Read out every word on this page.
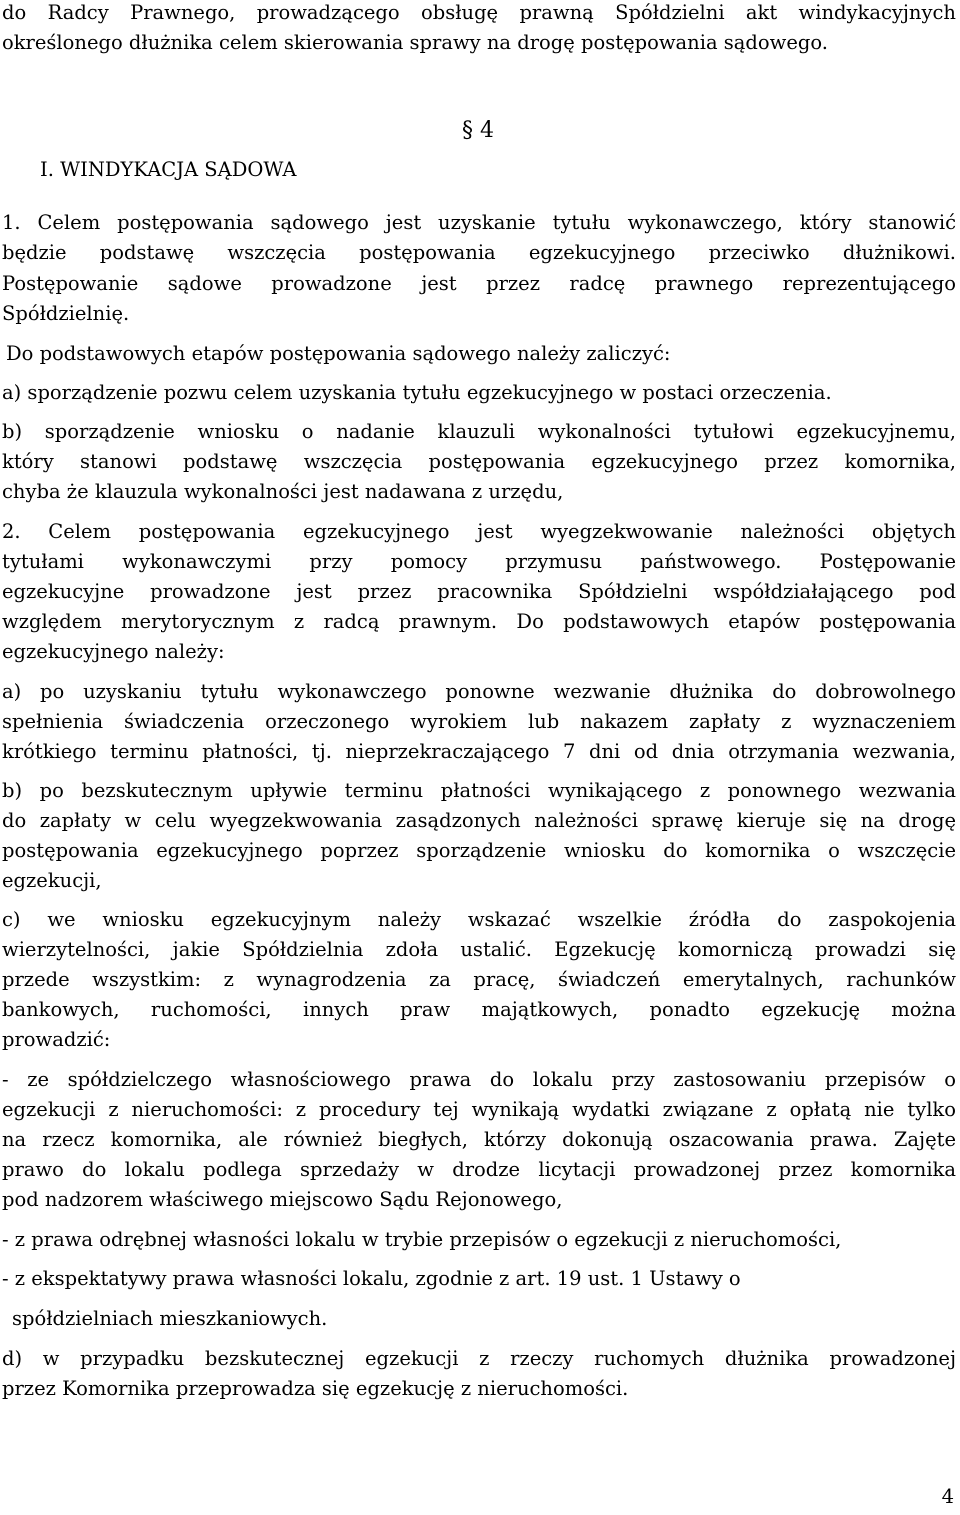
do Radcy Prawnego, prowadzącego obsługę prawną Spółdzielni akt windykacyjnych
określonego dłużnika celem skierowania sprawy na drogę postępowania sądowego.
§ 4
I. WINDYKACJA SĄDOWA
1. Celem postępowania sądowego jest uzyskanie tytułu wykonawczego, który stanowić
będzie podstawę wszczęcia postępowania egzekucyjnego przeciwko dłużnikowi.
Postępowanie sądowe prowadzone jest przez radcę prawnego reprezentującego
Spółdzielnię.
Do podstawowych etapów postępowania sądowego należy zaliczyć:
a) sporządzenie pozwu celem uzyskania tytułu egzekucyjnego w postaci orzeczenia.
b) sporządzenie wniosku o nadanie klauzuli wykonalności tytułowi egzekucyjnemu,
który stanowi podstawę wszczęcia postępowania egzekucyjnego przez komornika,
chyba że klauzula wykonalności jest nadawana z urzędu,
2. Celem postępowania egzekucyjnego jest wyegzekwowanie należności objętych
tytułami wykonawczymi przy pomocy przymusu państwowego. Postępowanie
egzekucyjne prowadzone jest przez pracownika Spółdzielni współdziałającego pod
względem merytorycznym z radcą prawnym. Do podstawowych etapów postępowania
egzekucyjnego należy:
a) po uzyskaniu tytułu wykonawczego ponowne wezwanie dłużnika do dobrowolnego
spełnienia świadczenia orzeczonego wyrokiem lub nakazem zapłaty z wyznaczeniem
krótkiego terminu płatności, tj. nieprzekraczającego 7 dni od dnia otrzymania wezwania,
b) po bezskutecznym upływie terminu płatności wynikającego z ponownego wezwania
do zapłaty w celu wyegzekwowania zasądzonych należności sprawę kieruje się na drogę
postępowania egzekucyjnego poprzez sporządzenie wniosku do komornika o wszczęcie
egzekucji,
c) we wniosku egzekucyjnym należy wskazać wszelkie źródła do zaspokojenia
wierzytelności, jakie Spółdzielnia zdoła ustalić. Egzekucję komorniczą prowadzi się
przede wszystkim: z wynagrodzenia za pracę, świadczeń emerytalnych, rachunków
bankowych, ruchomości, innych praw majątkowych, ponadto egzekucję można
prowadzić:
- ze spółdzielczego własnościowego prawa do lokalu przy zastosowaniu przepisów o
egzekucji z nieruchomości: z procedury tej wynikają wydatki związane z opłatą nie tylko
na rzecz komornika, ale również biegłych, którzy dokonują oszacowania prawa. Zajęte
prawo do lokalu podlega sprzedaży w drodze licytacji prowadzonej przez komornika
pod nadzorem właściwego miejscowo Sądu Rejonowego,
- z prawa odrębnej własności lokalu w trybie przepisów o egzekucji z nieruchomości,
- z ekspektatywy prawa własności lokalu, zgodnie z art. 19 ust. 1 Ustawy o
spółdzielniach mieszkaniowych.
d) w przypadku bezskutecznej egzekucji z rzeczy ruchomych dłużnika prowadzonej
przez Komornika przeprowadza się egzekucję z nieruchomości.
4
